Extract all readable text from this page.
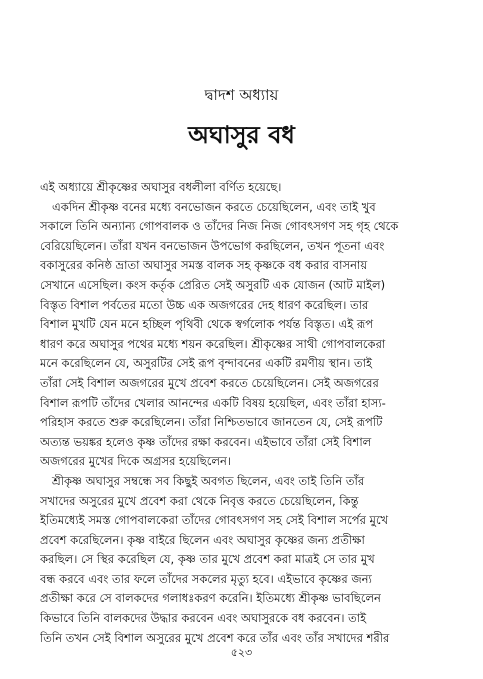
দ্বাদশ অধ্যায়
অঘাসুর বধ
এই অধ্যায়ে শ্রীকৃষ্ণের অঘাসুর বধলীলা বর্ণিত হয়েছে।
একদিন শ্রীকৃষ্ণ বনের মধ্যে বনভোজন করতে চেয়েছিলেন, এবং তাই খুব
সকালে তিনি অন্যান্য গোপবালক ও তাঁদের নিজ নিজ গোবৎসগণ সহ গৃহ থেকে
বেরিয়েছিলেন। তাঁরা যখন বনভোজন উপভোগ করছিলেন, তখন পূতনা এবং
বকাসুরের কনিষ্ঠ ভ্রাতা অঘাসুর সমস্ত বালক সহ কৃষ্ণকে বধ করার বাসনায়
সেখানে এসেছিল। কংস কর্তৃক প্রেরিত সেই অসুরটি এক যোজন (আট মাইল)
বিস্তৃত বিশাল পর্বতের মতো উচ্চ এক অজগরের দেহ ধারণ করেছিল। তার
বিশাল মুখটি যেন মনে হচ্ছিল পৃথিবী থেকে স্বর্গলোক পর্যন্ত বিস্তৃত। এই রূপ
ধারণ করে অঘাসুর পথের মধ্যে শয়ন করেছিল। শ্রীকৃষ্ণের সাথী গোপবালকেরা
মনে করেছিলেন যে, অসুরটির সেই রূপ বৃন্দাবনের একটি রমণীয় স্থান। তাই
তাঁরা সেই বিশাল অজগরের মুখে প্রবেশ করতে চেয়েছিলেন। সেই অজগরের
বিশাল রূপটি তাঁদের খেলার আনন্দের একটি বিষয় হয়েছিল, এবং তাঁরা হাস্য-
পরিহাস করতে শুরু করেছিলেন। তাঁরা নিশ্চিতভাবে জানতেন যে, সেই রূপটি
অত্যন্ত ভয়ঙ্কর হলেও কৃষ্ণ তাঁদের রক্ষা করবেন। এইভাবে তাঁরা সেই বিশাল
অজগরের মুখের দিকে অগ্রসর হয়েছিলেন।
শ্রীকৃষ্ণ অঘাসুর সম্বন্ধে সব কিছুই অবগত ছিলেন, এবং তাই তিনি তাঁর
সখাদের অসুরের মুখে প্রবেশ করা থেকে নিবৃত্ত করতে চেয়েছিলেন, কিন্তু
ইতিমধ্যেই সমস্ত গোপবালকেরা তাঁদের গোবৎসগণ সহ সেই বিশাল সর্পের মুখে
প্রবেশ করেছিলেন। কৃষ্ণ বাইরে ছিলেন এবং অঘাসুর কৃষ্ণের জন্য প্রতীক্ষা
করছিল। সে স্থির করেছিল যে, কৃষ্ণ তার মুখে প্রবেশ করা মাত্রই সে তার মুখ
বন্ধ করবে এবং তার ফলে তাঁদের সকলের মৃত্যু হবে। এইভাবে কৃষ্ণের জন্য
প্রতীক্ষা করে সে বালকদের গলাধঃকরণ করেনি। ইতিমধ্যে শ্রীকৃষ্ণ ভাবছিলেন
কিভাবে তিনি বালকদের উদ্ধার করবেন এবং অঘাসুরকে বধ করবেন। তাই
তিনি তখন সেই বিশাল অসুরের মুখে প্রবেশ করে তাঁর এবং তাঁর সখাদের শরীর
৫২৩
